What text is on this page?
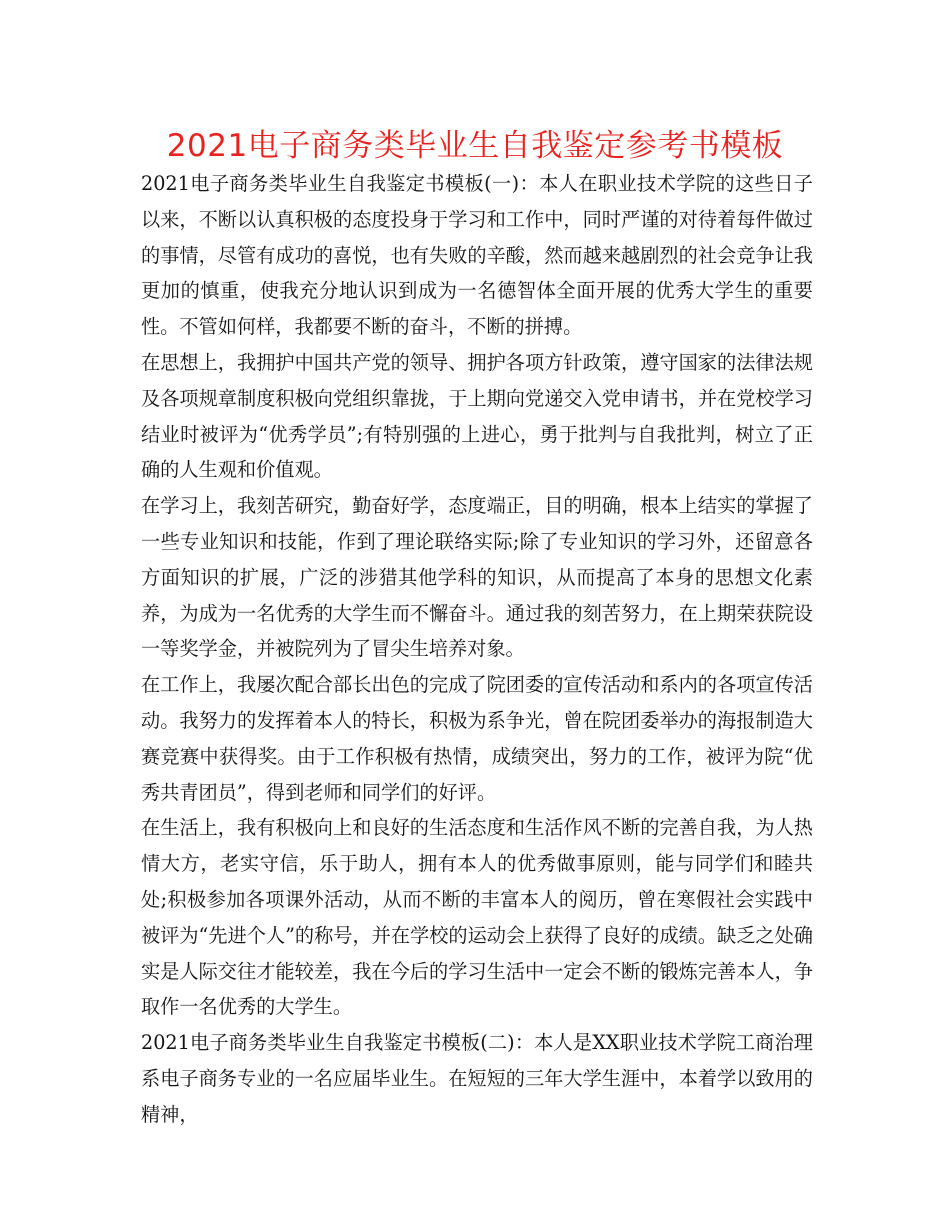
2021电子商务类毕业生自我鉴定参考书模板

2021电子商务类毕业生自我鉴定书模板(一)：本人在职业技术学院的这些日子以来，不断以认真积极的态度投身于学习和工作中，同时严谨的对待着每件做过的事情，尽管有成功的喜悦，也有失败的辛酸，然而越来越剧烈的社会竞争让我更加的慎重，使我充分地认识到成为一名德智体全面开展的优秀大学生的重要性。不管如何样，我都要不断的奋斗，不断的拼搏。

在思想上，我拥护中国共产党的领导、拥护各项方针政策，遵守国家的法律法规及各项规章制度积极向党组织靠拢，于上期向党递交入党申请书，并在党校学习结业时被评为“优秀学员”;有特别强的上进心，勇于批判与自我批判，树立了正确的人生观和价值观。

在学习上，我刻苦研究，勤奋好学，态度端正，目的明确，根本上结实的掌握了一些专业知识和技能，作到了理论联络实际;除了专业知识的学习外，还留意各方面知识的扩展，广泛的涉猎其他学科的知识，从而提高了本身的思想文化素养，为成为一名优秀的大学生而不懈奋斗。通过我的刻苦努力，在上期荣获院设一等奖学金，并被院列为了冒尖生培养对象。

在工作上，我屡次配合部长出色的完成了院团委的宣传活动和系内的各项宣传活动。我努力的发挥着本人的特长，积极为系争光，曾在院团委举办的海报制造大赛竞赛中获得奖。由于工作积极有热情，成绩突出，努力的工作，被评为院“优秀共青团员”，得到老师和同学们的好评。

在生活上，我有积极向上和良好的生活态度和生活作风不断的完善自我，为人热情大方，老实守信，乐于助人，拥有本人的优秀做事原则，能与同学们和睦共处;积极参加各项课外活动，从而不断的丰富本人的阅历，曾在寒假社会实践中被评为“先进个人”的称号，并在学校的运动会上获得了良好的成绩。缺乏之处确实是人际交往才能较差，我在今后的学习生活中一定会不断的锻炼完善本人，争取作一名优秀的大学生。

2021电子商务类毕业生自我鉴定书模板(二)：本人是XX职业技术学院工商治理系电子商务专业的一名应届毕业生。在短短的三年大学生涯中，本着学以致用的精神，
